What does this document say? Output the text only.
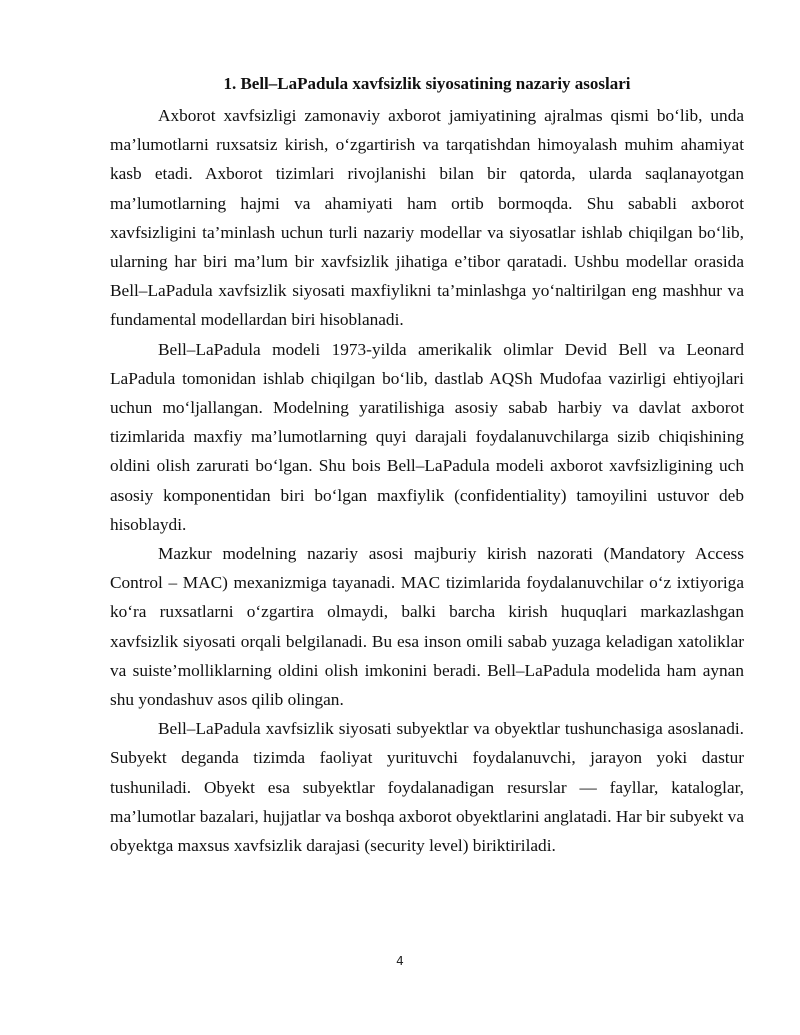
1. Bell–LaPadula xavfsizlik siyosatining nazariy asoslari

Axborot xavfsizligi zamonaviy axborot jamiyatining ajralmas qismi bo‘lib, unda ma’lumotlarni ruxsatsiz kirish, o‘zgartirish va tarqatishdan himoyalash muhim ahamiyat kasb etadi. Axborot tizimlari rivojlanishi bilan bir qatorda, ularda saqlanayotgan ma’lumotlarning hajmi va ahamiyati ham ortib bormoqda. Shu sababli axborot xavfsizligini ta’minlash uchun turli nazariy modellar va siyosatlar ishlab chiqilgan bo‘lib, ularning har biri ma’lum bir xavfsizlik jihatiga e’tibor qaratadi. Ushbu modellar orasida Bell–LaPadula xavfsizlik siyosati maxfiylikni ta’minlashga yo‘naltirilgan eng mashhur va fundamental modellardan biri hisoblanadi.

Bell–LaPadula modeli 1973-yilda amerikalik olimlar Devid Bell va Leonard LaPadula tomonidan ishlab chiqilgan bo‘lib, dastlab AQSh Mudofaa vazirligi ehtiyojlari uchun mo‘ljallangan. Modelning yaratilishiga asosiy sabab harbiy va davlat axborot tizimlarida maxfiy ma’lumotlarning quyi darajali foydalanuvchilarga sizib chiqishining oldini olish zarurati bo‘lgan. Shu bois Bell–LaPadula modeli axborot xavfsizligining uch asosiy komponentidan biri bo‘lgan maxfiylik (confidentiality) tamoyilini ustuvor deb hisoblaydi.

Mazkur modelning nazariy asosi majburiy kirish nazorati (Mandatory Access Control – MAC) mexanizmiga tayanadi. MAC tizimlarida foydalanuvchilar o‘z ixtiyoriga ko‘ra ruxsatlarni o‘zgartira olmaydi, balki barcha kirish huquqlari markazlashgan xavfsizlik siyosati orqali belgilanadi. Bu esa inson omili sabab yuzaga keladigan xatoliklar va suiste’molliklarning oldini olish imkonini beradi. Bell–LaPadula modelida ham aynan shu yondashuv asos qilib olingan.

Bell–LaPadula xavfsizlik siyosati subyektlar va obyektlar tushunchasiga asoslanadi. Subyekt deganda tizimda faoliyat yurituvchi foydalanuvchi, jarayon yoki dastur tushuniladi. Obyekt esa subyektlar foydalanadigan resurslar — fayllar, kataloglar, ma’lumotlar bazalari, hujjatlar va boshqa axborot obyektlarini anglatadi. Har bir subyekt va obyektga maxsus xavfsizlik darajasi (security level) biriktiriladi.

4
